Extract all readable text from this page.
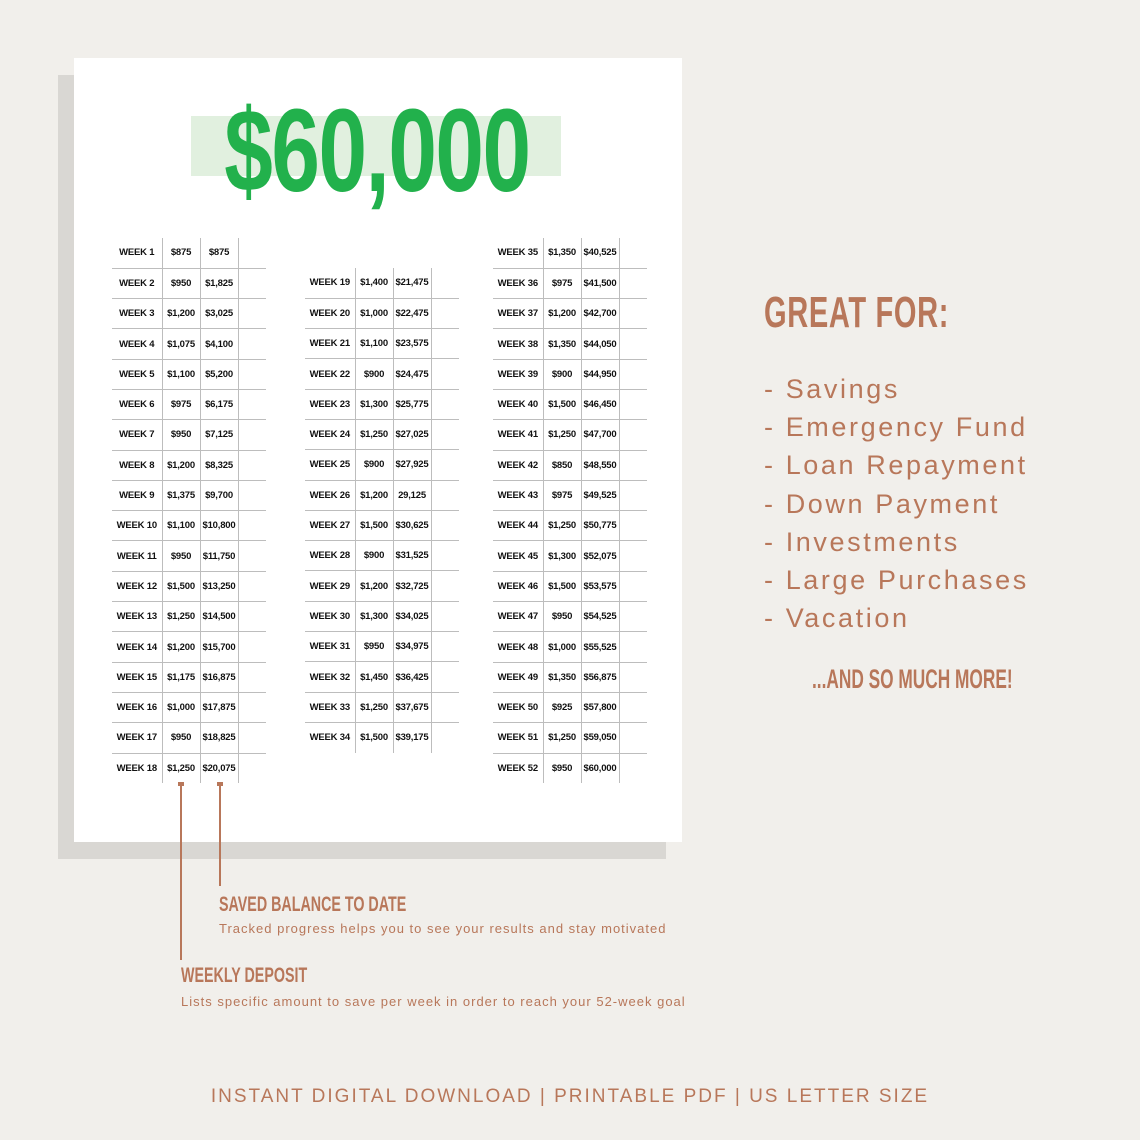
$60,000
WEEK 1	$875	$875	
WEEK 2	$950	$1,825	
WEEK 3	$1,200	$3,025	
WEEK 4	$1,075	$4,100	
WEEK 5	$1,100	$5,200	
WEEK 6	$975	$6,175	
WEEK 7	$950	$7,125	
WEEK 8	$1,200	$8,325	
WEEK 9	$1,375	$9,700	
WEEK 10	$1,100	$10,800	
WEEK 11	$950	$11,750	
WEEK 12	$1,500	$13,250	
WEEK 13	$1,250	$14,500	
WEEK 14	$1,200	$15,700	
WEEK 15	$1,175	$16,875	
WEEK 16	$1,000	$17,875	
WEEK 17	$950	$18,825	
WEEK 18	$1,250	$20,075	
WEEK 19	$1,400	$21,475	
WEEK 20	$1,000	$22,475	
WEEK 21	$1,100	$23,575	
WEEK 22	$900	$24,475	
WEEK 23	$1,300	$25,775	
WEEK 24	$1,250	$27,025	
WEEK 25	$900	$27,925	
WEEK 26	$1,200	29,125	
WEEK 27	$1,500	$30,625	
WEEK 28	$900	$31,525	
WEEK 29	$1,200	$32,725	
WEEK 30	$1,300	$34,025	
WEEK 31	$950	$34,975	
WEEK 32	$1,450	$36,425	
WEEK 33	$1,250	$37,675	
WEEK 34	$1,500	$39,175	
WEEK 35	$1,350	$40,525	
WEEK 36	$975	$41,500	
WEEK 37	$1,200	$42,700	
WEEK 38	$1,350	$44,050	
WEEK 39	$900	$44,950	
WEEK 40	$1,500	$46,450	
WEEK 41	$1,250	$47,700	
WEEK 42	$850	$48,550	
WEEK 43	$975	$49,525	
WEEK 44	$1,250	$50,775	
WEEK 45	$1,300	$52,075	
WEEK 46	$1,500	$53,575	
WEEK 47	$950	$54,525	
WEEK 48	$1,000	$55,525	
WEEK 49	$1,350	$56,875	
WEEK 50	$925	$57,800	
WEEK 51	$1,250	$59,050	
WEEK 52	$950	$60,000	
SAVED BALANCE TO DATE
Tracked progress helps you to see your results and stay motivated
WEEKLY DEPOSIT
Lists specific amount to save per week in order to reach your 52-week goal
GREAT FOR:
- Savings
- Emergency Fund
- Loan Repayment
- Down Payment
- Investments
- Large Purchases
- Vacation
...AND SO MUCH MORE!
INSTANT DIGITAL DOWNLOAD | PRINTABLE PDF | US LETTER SIZE
